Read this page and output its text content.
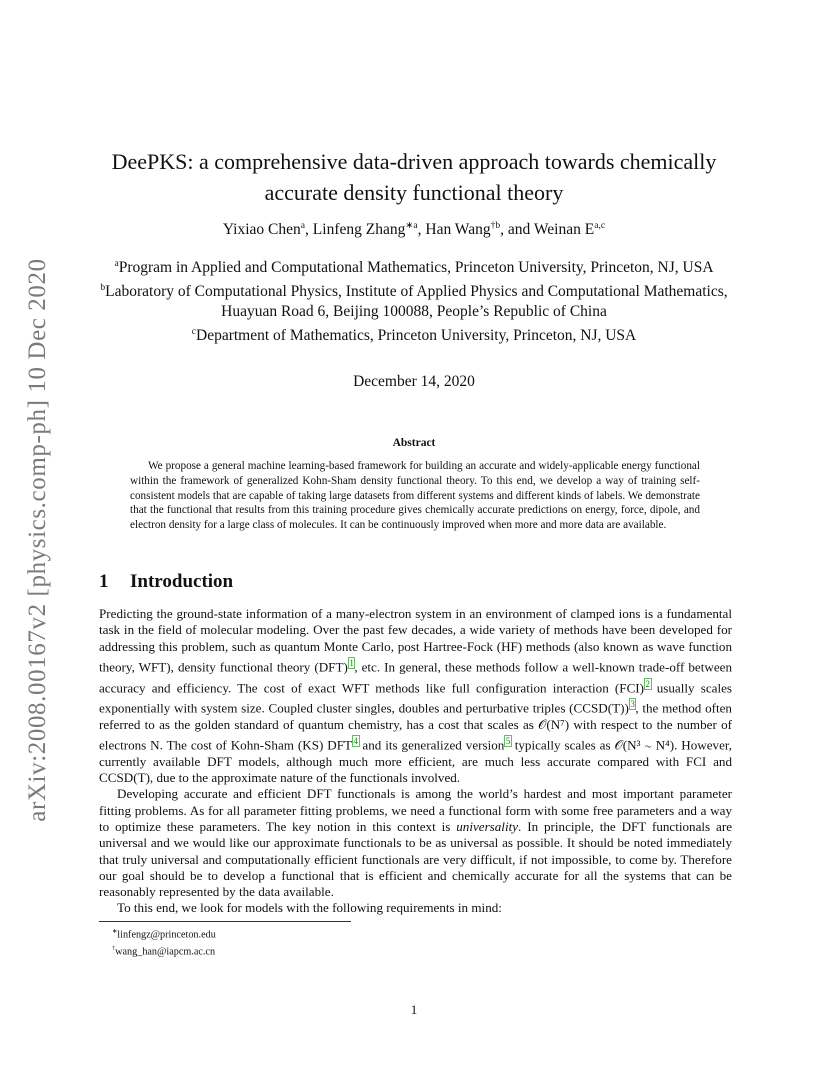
arXiv:2008.00167v2 [physics.comp-ph] 10 Dec 2020
DeePKS: a comprehensive data-driven approach towards chemically
accurate density functional theory
Yixiao Chen$^a$, Linfeng Zhang$^{∗a}$, Han Wang$^{\dagger b}$, and Weinan E$^{a,c}$

$^a$Program in Applied and Computational Mathematics, Princeton University, Princeton, NJ, USA

$^b$Laboratory of Computational Physics, Institute of Applied Physics and Computational Mathematics, Huayuan Road 6, Beijing 100088, People’s Republic of China

$^c$Department of Mathematics, Princeton University, Princeton, NJ, USA

December 14, 2020
Abstract

We propose a general machine learning-based framework for building an accurate and widely-applicable energy functional within the framework of generalized Kohn-Sham density functional theory. To this end, we develop a way of training self-consistent models that are capable of taking large datasets from different systems and different kinds of labels. We demonstrate that the functional that results from this training procedure gives chemically accurate predictions on energy, force, dipole, and electron density for a large class of molecules. It can be continuously improved when more and more data are available.

1 Introduction

Predicting the ground-state information of a many-electron system in an environment of clamped ions is a fundamental task in the field of molecular modeling. Over the past few decades, a wide variety of methods have been developed for addressing this problem, such as quantum Monte Carlo, post Hartree-Fock (HF) methods (also known as wave function theory, WFT), density functional theory (DFT) $^1$, etc. In general, these methods follow a well-known trade-off between accuracy and efficiency. The cost of exact WFT methods like full configuration interaction (FCI) $^2$ usually scales exponentially with system size. Coupled cluster singles, doubles and perturbative triples (CCSD(T)) $^3$, the method often referred to as the golden standard of quantum chemistry, has a cost that scales as 𝒪(N⁷) with respect to the number of electrons N. The cost of Kohn-Sham (KS) DFT $^4$ and its generalized version $^5$ typically scales as 𝒪(N³ ∼ N⁴). However, currently available DFT models, although much more efficient, are much less accurate compared with FCI and CCSD(T), due to the approximate nature of the functionals involved.

Developing accurate and efficient DFT functionals is among the world’s hardest and most important parameter fitting problems. As for all parameter fitting problems, we need a functional form with some free parameters and a way to optimize these parameters. The key notion in this context is universality. In principle, the DFT functionals are universal and we would like our approximate functionals to be as universal as possible. It should be noted immediately that truly universal and computationally efficient functionals are very difficult, if not impossible, to come by. Therefore our goal should be to develop a functional that is efficient and chemically accurate for all the systems that can be reasonably represented by the data available.

To this end, we look for models with the following requirements in mind:

∗linfengz@princeton.edu
†wang_han@iapcm.ac.cn
1
